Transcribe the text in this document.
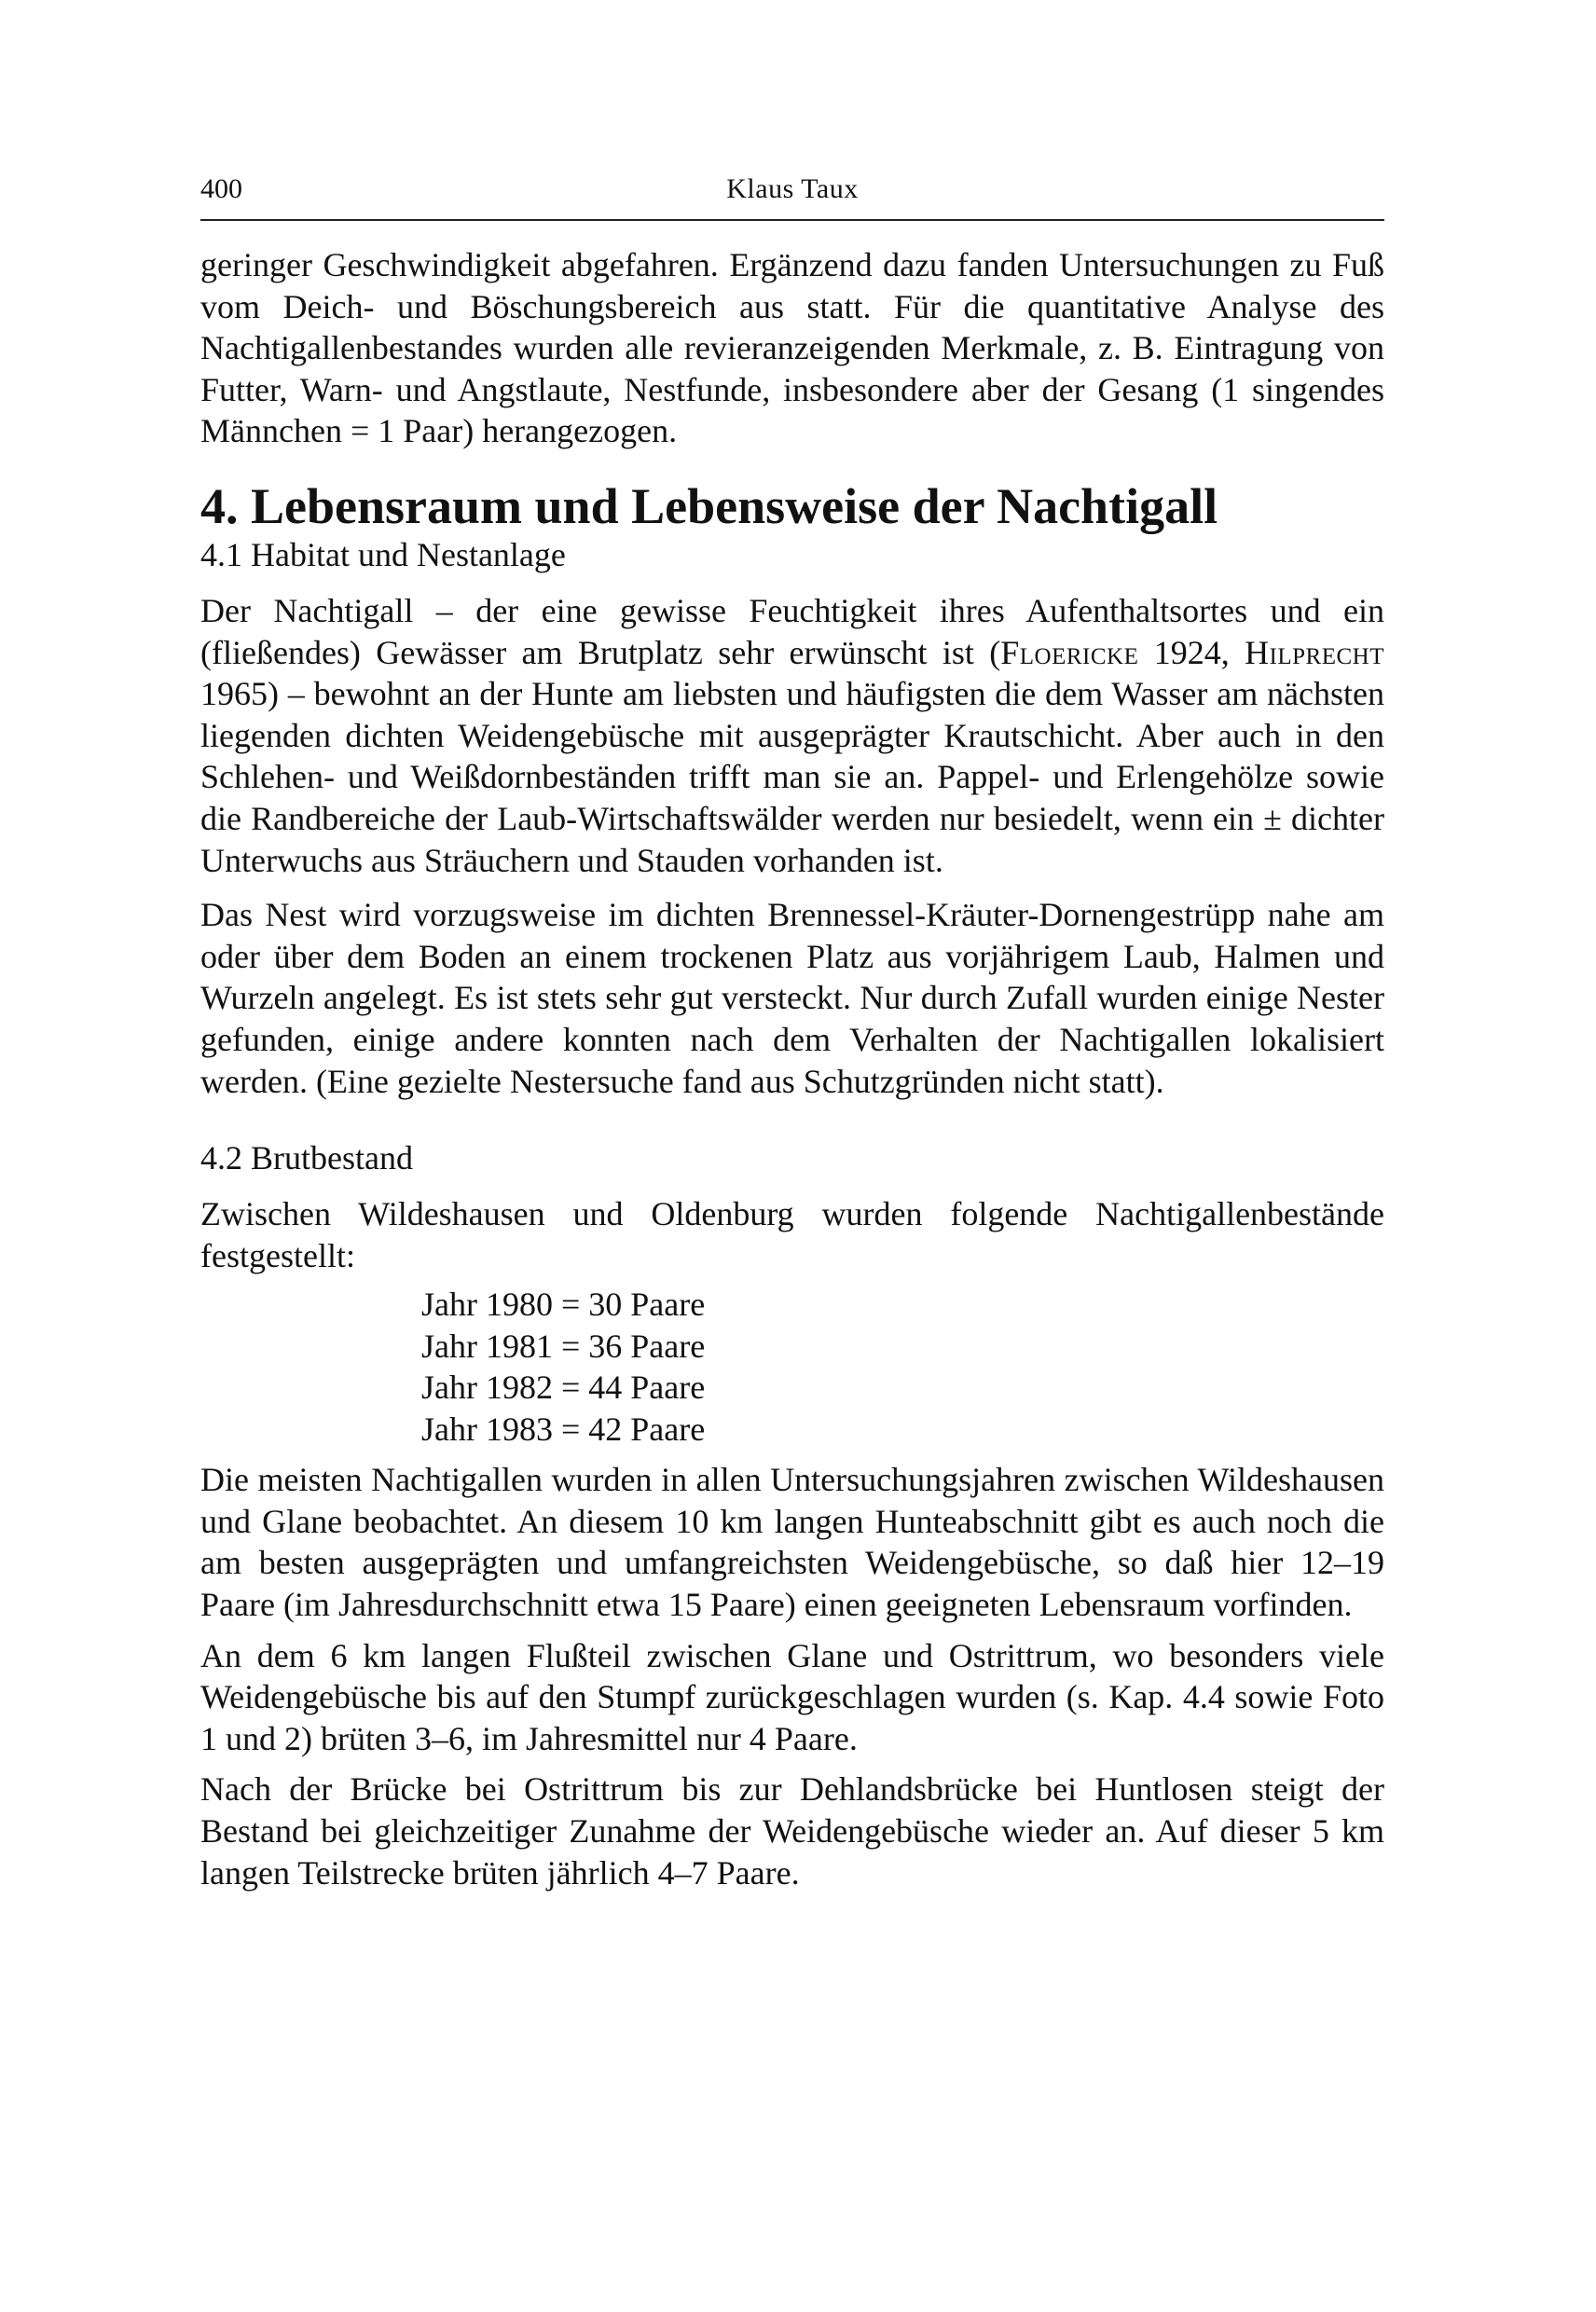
400	Klaus Taux

geringer Geschwindigkeit abgefahren. Ergänzend dazu fanden Untersuchungen zu Fuß vom Deich- und Böschungsbereich aus statt. Für die quantitative Analyse des Nachtigallenbestandes wurden alle revieranzeigenden Merkmale, z. B. Eintragung von Futter, Warn- und Angstlaute, Nestfunde, insbesondere aber der Gesang (1 singendes Männchen = 1 Paar) herangezogen.

4. Lebensraum und Lebensweise der Nachtigall
4.1 Habitat und Nestanlage

Der Nachtigall – der eine gewisse Feuchtigkeit ihres Aufenthaltsortes und ein (fließendes) Gewässer am Brutplatz sehr erwünscht ist (Floericke 1924, Hilprecht 1965) – bewohnt an der Hunte am liebsten und häufigsten die dem Wasser am nächsten liegenden dichten Weidengebüsche mit ausgeprägter Krautschicht. Aber auch in den Schlehen- und Weißdornbeständen trifft man sie an. Pappel- und Erlengehölze sowie die Randbereiche der Laub-Wirtschaftswälder werden nur besiedelt, wenn ein ± dichter Unterwuchs aus Sträuchern und Stauden vorhanden ist.

Das Nest wird vorzugsweise im dichten Brennessel-Kräuter-Dornengestrüpp nahe am oder über dem Boden an einem trockenen Platz aus vorjährigem Laub, Halmen und Wurzeln angelegt. Es ist stets sehr gut versteckt. Nur durch Zufall wurden einige Nester gefunden, einige andere konnten nach dem Verhalten der Nachtigallen lokalisiert werden. (Eine gezielte Nestersuche fand aus Schutzgründen nicht statt).

4.2 Brutbestand

Zwischen Wildeshausen und Oldenburg wurden folgende Nachtigallenbestände festgestellt:

Jahr 1980 = 30 Paare
Jahr 1981 = 36 Paare
Jahr 1982 = 44 Paare
Jahr 1983 = 42 Paare

Die meisten Nachtigallen wurden in allen Untersuchungsjahren zwischen Wildeshausen und Glane beobachtet. An diesem 10 km langen Hunteabschnitt gibt es auch noch die am besten ausgeprägten und umfangreichsten Weidengebüsche, so daß hier 12–19 Paare (im Jahresdurchschnitt etwa 15 Paare) einen geeigneten Lebensraum vorfinden.

An dem 6 km langen Flußteil zwischen Glane und Ostrittrum, wo besonders viele Weidengebüsche bis auf den Stumpf zurückgeschlagen wurden (s. Kap. 4.4 sowie Foto 1 und 2) brüten 3–6, im Jahresmittel nur 4 Paare.

Nach der Brücke bei Ostrittrum bis zur Dehlandsbrücke bei Huntlosen steigt der Bestand bei gleichzeitiger Zunahme der Weidengebüsche wieder an. Auf dieser 5 km langen Teilstrecke brüten jährlich 4–7 Paare.
